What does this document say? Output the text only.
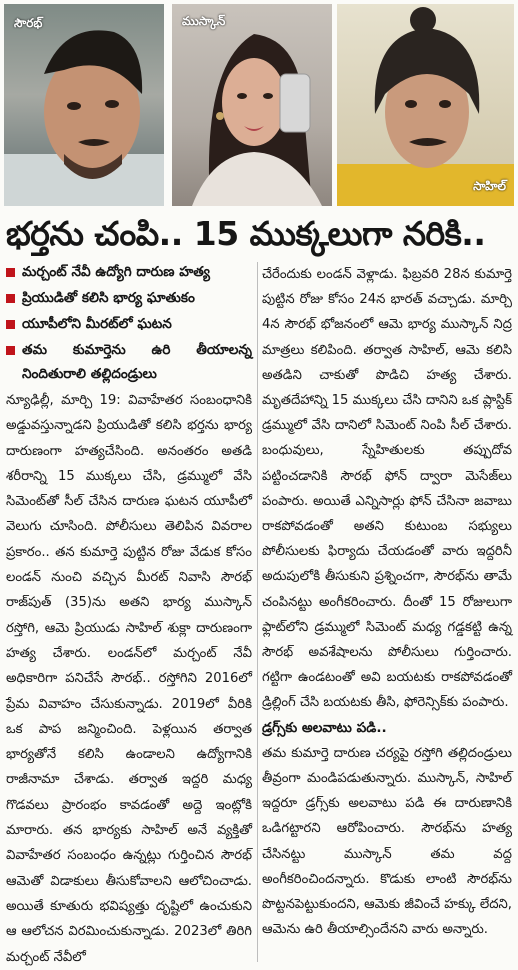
సౌరభ్	ముస్కాన్
సాహిల్
భర్తను చంపి.. 15 ముక్కలుగా నరికి..
మర్చంట్ నేవీ ఉద్యోగి దారుణ హత్య
ప్రియుడితో కలిసి భార్య ఘాతుకం
యూపీలోని మీరట్‌లో ఘటన
తమ కుమార్తెను ఉరి తీయాలన్న నిందితురాలి తల్లిదండ్రులు

న్యూఢిల్లీ, మార్చి 19: వివాహేతర సంబంధానికి అడ్డువస్తున్నాడని ప్రియుడితో కలిసి భర్తను భార్య దారుణంగా హత్యచేసింది. అనంతరం అతడి శరీరాన్ని 15 ముక్కలు చేసి, డ్రమ్ములో వేసి సిమెంట్‌తో సీల్ చేసిన దారుణ ఘటన యూపీలో వెలుగు చూసింది. పోలీసులు తెలిపిన వివరాల ప్రకారం.. తన కుమార్తె పుట్టిన రోజు వేడుక కోసం లండన్ నుంచి వచ్చిన మీరట్ నివాసి సౌరభ్ రాజ్‌పుత్ (35)ను అతని భార్య ముస్కాన్ రస్తోగి, ఆమె ప్రియుడు సాహిల్ శుక్లా దారుణంగా హత్య చేశారు. లండన్‌లో మర్చంట్ నేవీ అధికారిగా పనిచేసే సౌరభ్.. రస్తోగిని 2016లో ప్రేమ వివాహం చేసుకున్నాడు. 2019లో వీరికి ఒక పాప జన్మించింది. పెళ్లయిన తర్వాత భార్యతోనే కలిసి ఉండాలని ఉద్యోగానికి రాజీనామా చేశాడు. తర్వాత ఇద్దరి మధ్య గొడవలు ప్రారంభం కావడంతో అద్దె ఇంట్లోకి మారారు. తన భార్యకు సాహిల్ అనే వ్యక్తితో వివాహేతర సంబంధం ఉన్నట్లు గుర్తించిన సౌరభ్ ఆమెతో విడాకులు తీసుకోవాలని ఆలోచించాడు. అయితే కూతురు భవిష్యత్తు దృష్టిలో ఉంచుకుని ఆ ఆలోచన విరమించుకున్నాడు. 2023లో తిరిగి మర్చంట్ నేవీలో

చేరేందుకు లండన్ వెళ్లాడు. ఫిబ్రవరి 28న కుమార్తె పుట్టిన రోజు కోసం 24న భారత్ వచ్చాడు. మార్చి 4న సౌరభ్ భోజనంలో ఆమె భార్య ముస్కాన్ నిద్ర మాత్రలు కలిపింది. తర్వాత సాహిల్, ఆమె కలిసి అతడిని చాకుతో పొడిచి హత్య చేశారు. మృతదేహాన్ని 15 ముక్కలు చేసి దానిని ఒక ప్లాస్టిక్ డ్రమ్ములో వేసి దానిలో సిమెంట్ నింపి సీల్ చేశారు. బంధువులు, స్నేహితులకు తప్పుదోవ పట్టించడానికి సౌరభ్ ఫోన్ ద్వారా మెసేజ్‌లు పంపారు. అయితే ఎన్నిసార్లు ఫోన్ చేసినా జవాబు రాకపోవడంతో అతని కుటుంబ సభ్యులు పోలీసులకు ఫిర్యాదు చేయడంతో వారు ఇద్దరినీ అదుపులోకి తీసుకుని ప్రశ్నించగా, సౌరభ్‌ను తామే చంపినట్టు అంగీకరించారు. దీంతో 15 రోజులుగా ఫ్లాట్‌లోని డ్రమ్ములో సిమెంట్ మధ్య గడ్డకట్టి ఉన్న సౌరభ్ అవశేషాలను పోలీసులు గుర్తించారు. గట్టిగా ఉండటంతో అవి బయటకు రాకపోవడంతో డ్రిల్లింగ్ చేసి బయటకు తీసి, ఫోరెన్సిక్‌కు పంపారు.

డ్రగ్స్‌కు అలవాటు పడి..

తమ కుమార్తె దారుణ చర్యపై రస్తోగి తల్లిదండ్రులు తీవ్రంగా మండిపడుతున్నారు. ముస్కాన్, సాహిల్ ఇద్దరూ డ్రగ్స్‌కు అలవాటు పడి ఈ దారుణానికి ఒడిగట్టారని ఆరోపించారు. సౌరభ్‌ను హత్య చేసినట్టు ముస్కాన్ తమ వద్ద అంగీకరించిందన్నారు. కొడుకు లాంటి సౌరభ్‌ను పొట్టనపెట్టుకుందని, ఆమెకు జీవించే హక్కు లేదని, ఆమెను ఉరి తీయాల్సిందేనని వారు అన్నారు.
